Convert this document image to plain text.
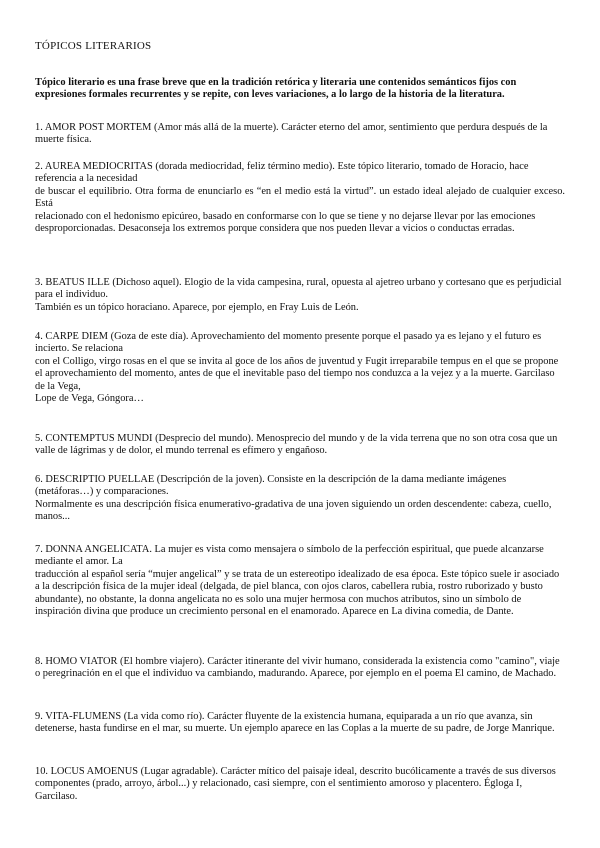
TÓPICOS LITERARIOS
Tópico literario es una frase breve que en la tradición retórica y literaria une contenidos semánticos fijos con expresiones formales recurrentes y se repite, con leves variaciones, a lo largo de la historia de la literatura.

1. AMOR POST MORTEM (Amor más allá de la muerte). Carácter eterno del amor, sentimiento que perdura después de la muerte física.

2. AUREA MEDIOCRITAS (dorada mediocridad, feliz término medio). Este tópico literario, tomado de Horacio, hace referencia a la necesidad

de buscar el equilibrio. Otra forma de enunciarlo es “en el medio está la virtud”. un estado ideal alejado de cualquier exceso. Está

relacionado con el hedonismo epicúreo, basado en conformarse con lo que se tiene y no dejarse llevar por las emociones desproporcionadas. Desaconseja los extremos porque considera que nos pueden llevar a vicios o conductas erradas.

3. BEATUS ILLE (Dichoso aquel). Elogio de la vida campesina, rural, opuesta al ajetreo urbano y cortesano que es perjudicial para el individuo.

También es un tópico horaciano. Aparece, por ejemplo, en Fray Luis de León.

4. CARPE DIEM (Goza de este día). Aprovechamiento del momento presente porque el pasado ya es lejano y el futuro es incierto. Se relaciona

con el Colligo, virgo rosas en el que se invita al goce de los años de juventud y Fugit irreparabile tempus en el que se propone el aprovechamiento del momento, antes de que el inevitable paso del tiempo nos conduzca a la vejez y a la muerte. Garcilaso de la Vega,

Lope de Vega, Góngora…

5. CONTEMPTUS MUNDI (Desprecio del mundo). Menosprecio del mundo y de la vida terrena que no son otra cosa que un valle de lágrimas y de dolor, el mundo terrenal es efímero y engañoso.

6. DESCRIPTIO PUELLAE (Descripción de la joven). Consiste en la descripción de la dama mediante imágenes (metáforas…) y comparaciones.

Normalmente es una descripción física enumerativo-gradativa de una joven siguiendo un orden descendente: cabeza, cuello, manos...

7. DONNA ANGELICATA. La mujer es vista como mensajera o símbolo de la perfección espiritual, que puede alcanzarse mediante el amor. La

traducción al español sería “mujer angelical” y se trata de un estereotipo idealizado de esa época. Este tópico suele ir asociado a la descripción física de la mujer ideal (delgada, de piel blanca, con ojos claros, cabellera rubia, rostro ruborizado y busto abundante), no obstante, la donna angelicata no es solo una mujer hermosa con muchos atributos, sino un símbolo de inspiración divina que produce un crecimiento personal en el enamorado. Aparece en La divina comedia, de Dante.

8. HOMO VIATOR (El hombre viajero). Carácter itinerante del vivir humano, considerada la existencia como "camino", viaje o peregrinación en el que el individuo va cambiando, madurando. Aparece, por ejemplo en el poema El camino, de Machado.

9. VITA-FLUMENS (La vida como río). Carácter fluyente de la existencia humana, equiparada a un río que avanza, sin detenerse, hasta fundirse en el mar, su muerte. Un ejemplo aparece en las Coplas a la muerte de su padre, de Jorge Manrique.

10. LOCUS AMOENUS (Lugar agradable). Carácter mítico del paisaje ideal, descrito bucólicamente a través de sus diversos componentes (prado, arroyo, árbol...) y relacionado, casi siempre, con el sentimiento amoroso y placentero. Égloga I, Garcilaso.
